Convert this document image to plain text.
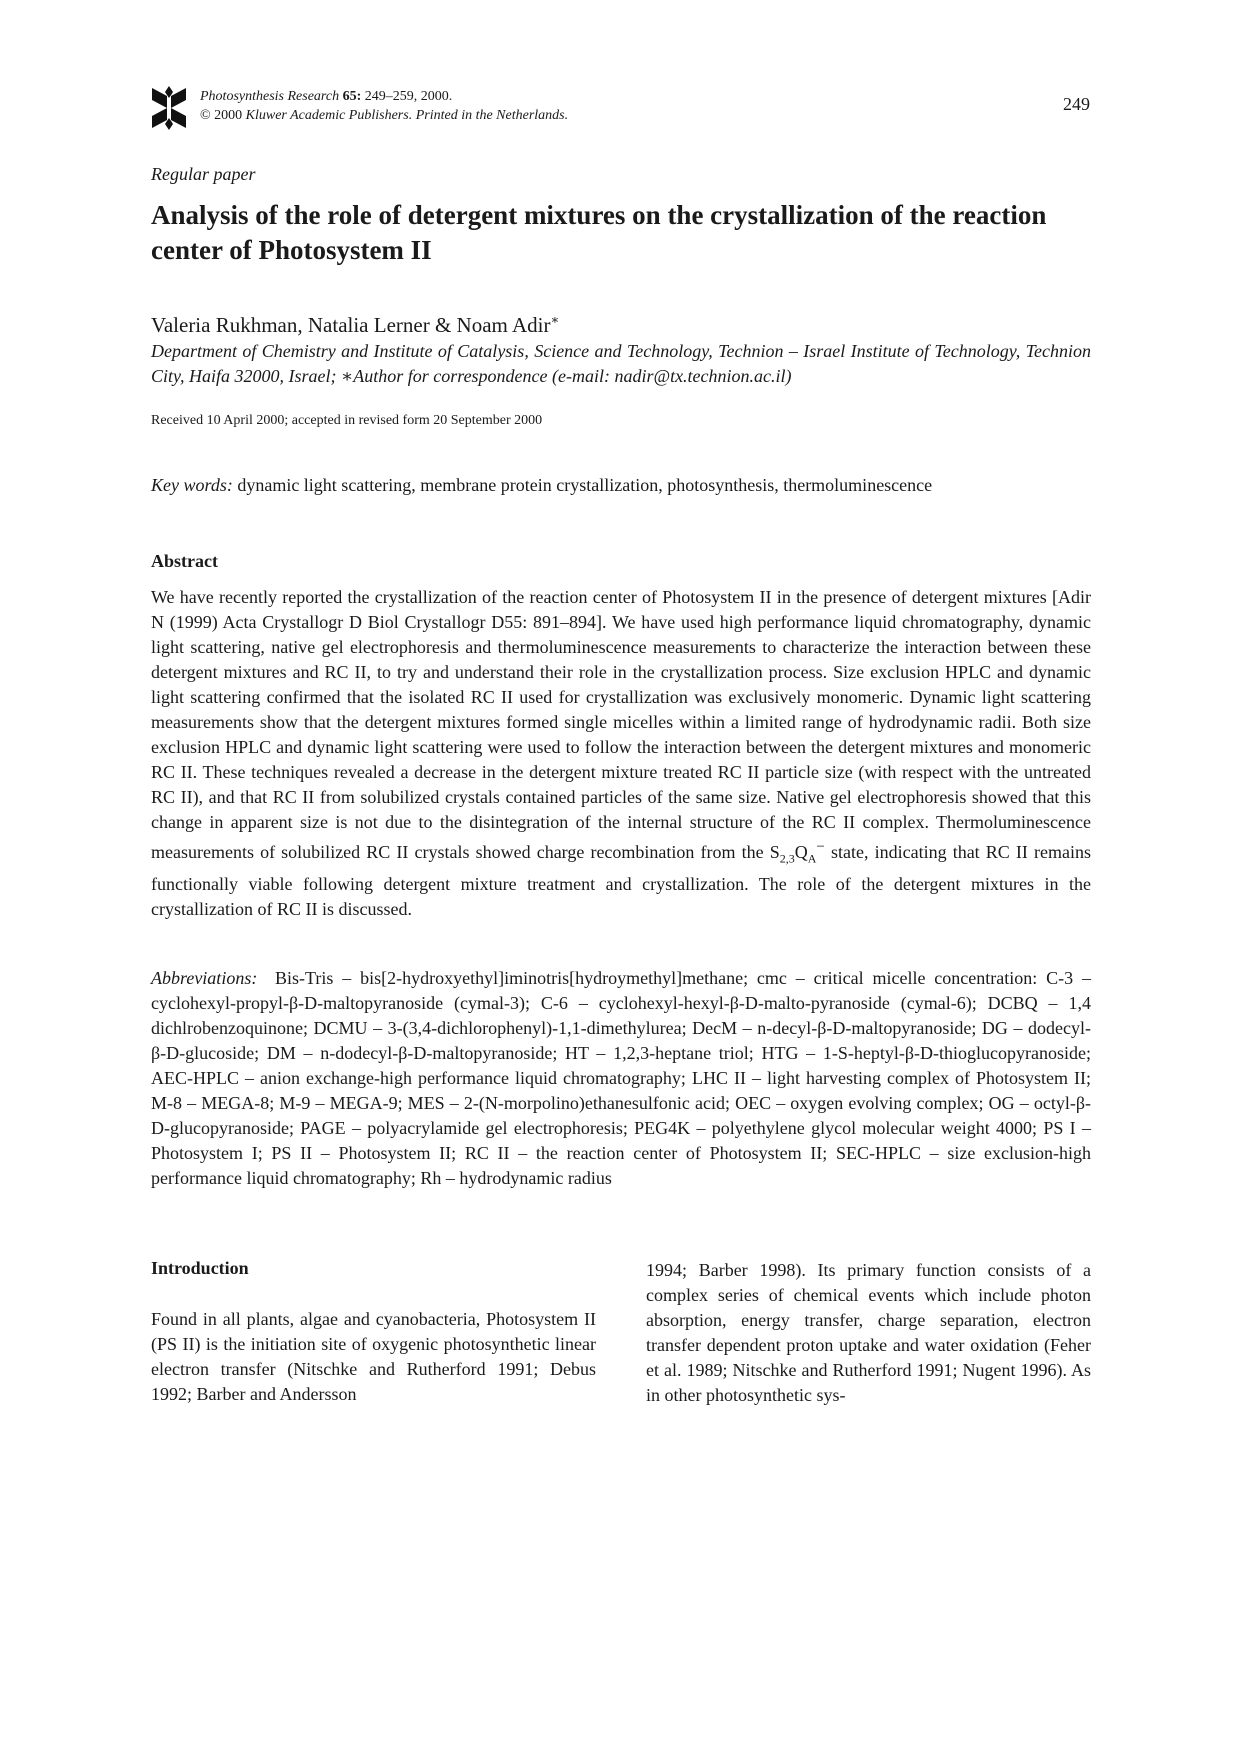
Photosynthesis Research 65: 249–259, 2000.
© 2000 Kluwer Academic Publishers. Printed in the Netherlands.
249
Regular paper
Analysis of the role of detergent mixtures on the crystallization of the reaction center of Photosystem II
Valeria Rukhman, Natalia Lerner & Noam Adir∗
Department of Chemistry and Institute of Catalysis, Science and Technology, Technion – Israel Institute of Technology, Technion City, Haifa 32000, Israel; ∗Author for correspondence (e-mail: nadir@tx.technion.ac.il)
Received 10 April 2000; accepted in revised form 20 September 2000
Key words: dynamic light scattering, membrane protein crystallization, photosynthesis, thermoluminescence
Abstract

We have recently reported the crystallization of the reaction center of Photosystem II in the presence of detergent mixtures [Adir N (1999) Acta Crystallogr D Biol Crystallogr D55: 891–894]. We have used high performance liquid chromatography, dynamic light scattering, native gel electrophoresis and thermoluminescence measurements to characterize the interaction between these detergent mixtures and RC II, to try and understand their role in the crystallization process. Size exclusion HPLC and dynamic light scattering confirmed that the isolated RC II used for crystallization was exclusively monomeric. Dynamic light scattering measurements show that the detergent mixtures formed single micelles within a limited range of hydrodynamic radii. Both size exclusion HPLC and dynamic light scattering were used to follow the interaction between the detergent mixtures and monomeric RC II. These techniques revealed a decrease in the detergent mixture treated RC II particle size (with respect with the untreated RC II), and that RC II from solubilized crystals contained particles of the same size. Native gel electrophoresis showed that this change in apparent size is not due to the disintegration of the internal structure of the RC II complex. Thermoluminescence measurements of solubilized RC II crystals showed charge recombination from the $S_{2,3}Q_A^-$ state, indicating that RC II remains functionally viable following detergent mixture treatment and crystallization. The role of the detergent mixtures in the crystallization of RC II is discussed.

Abbreviations: Bis-Tris – bis[2-hydroxyethyl]iminotris[hydroymethyl]methane; cmc – critical micelle concentration: C-3 – cyclohexyl-propyl-β-D-maltopyranoside (cymal-3); C-6 – cyclohexyl-hexyl-β-D-malto-pyranoside (cymal-6); DCBQ – 1,4 dichlrobenzoquinone; DCMU – 3-(3,4-dichlorophenyl)-1,1-dimethylurea; DecM – n-decyl-β-D-maltopyranoside; DG – dodecyl- β-D-glucoside; DM – n-dodecyl-β-D-maltopyranoside; HT – 1,2,3-heptane triol; HTG – 1-S-heptyl-β-D-thioglucopyranoside; AEC-HPLC – anion exchange-high performance liquid chromatography; LHC II – light harvesting complex of Photosystem II; M-8 – MEGA-8; M-9 – MEGA-9; MES – 2-(N-morpolino)ethanesulfonic acid; OEC – oxygen evolving complex; OG – octyl-β-D-glucopyranoside; PAGE – polyacrylamide gel electrophoresis; PEG4K – polyethylene glycol molecular weight 4000; PS I – Photosystem I; PS II – Photosystem II; RC II – the reaction center of Photosystem II; SEC-HPLC – size exclusion-high performance liquid chromatography; Rh – hydrodynamic radius

Introduction

Found in all plants, algae and cyanobacteria, Photosystem II (PS II) is the initiation site of oxygenic photosynthetic linear electron transfer (Nitschke and Rutherford 1991; Debus 1992; Barber and Andersson

1994; Barber 1998). Its primary function consists of a complex series of chemical events which include photon absorption, energy transfer, charge separation, electron transfer dependent proton uptake and water oxidation (Feher et al. 1989; Nitschke and Rutherford 1991; Nugent 1996). As in other photosynthetic sys-
